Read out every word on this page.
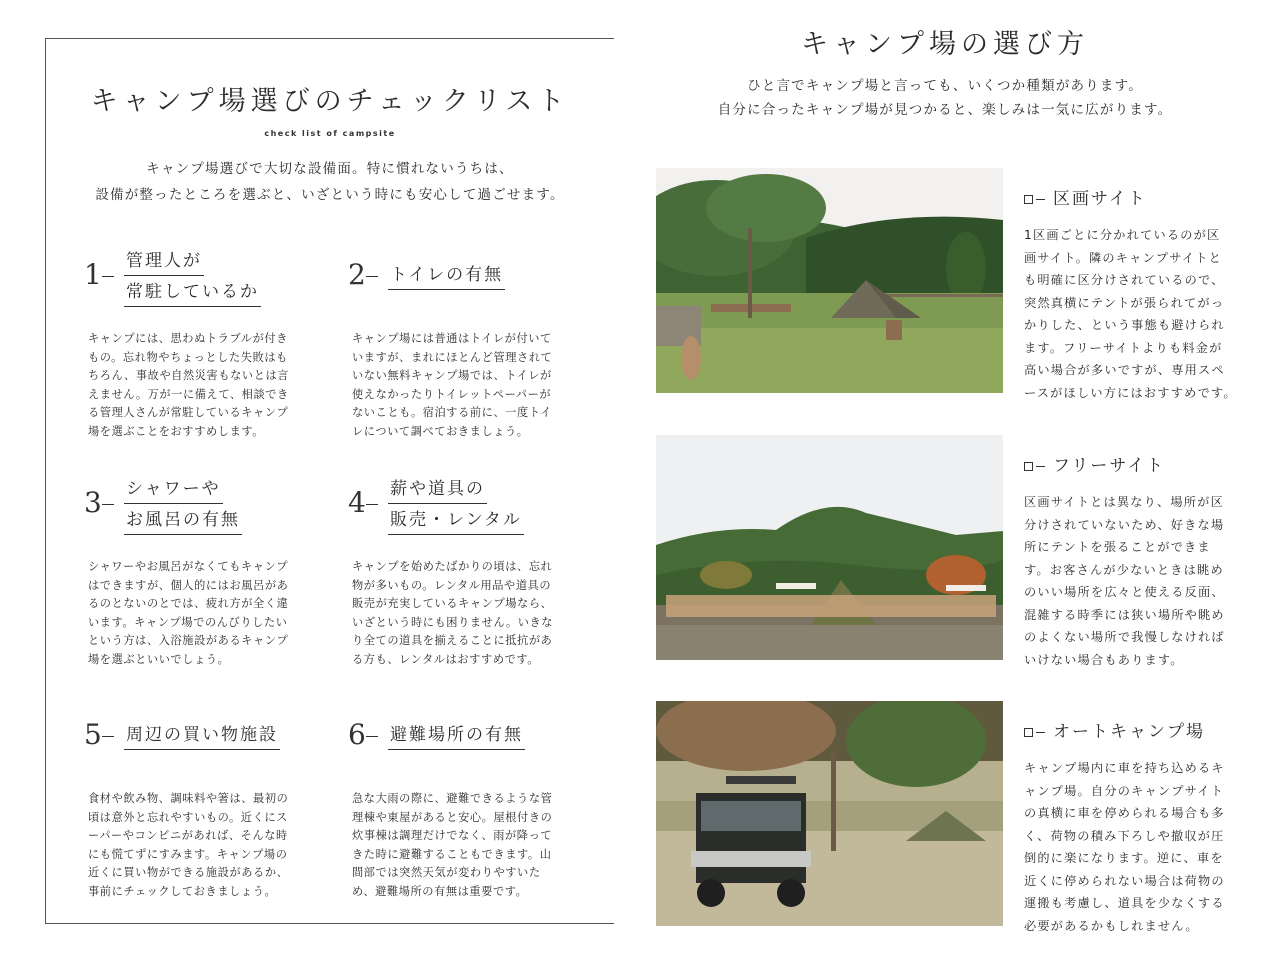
キャンプ場選びのチェックリスト
check list of campsite
キャンプ場選びで大切な設備面。特に慣れないうちは、
設備が整ったところを選ぶと、いざという時にも安心して過ごせます。
1 管理人が
常駐しているか
キャンプには、思わぬトラブルが付き
もの。忘れ物やちょっとした失敗はも
ちろん、事故や自然災害もないとは言
えません。万が一に備えて、相談でき
る管理人さんが常駐しているキャンプ
場を選ぶことをおすすめします。
2 トイレの有無
キャンプ場には普通はトイレが付いて
いますが、まれにほとんど管理されて
いない無料キャンプ場では、トイレが
使えなかったりトイレットペーパーが
ないことも。宿泊する前に、一度トイ
レについて調べておきましょう。
3 シャワーや
お風呂の有無
シャワーやお風呂がなくてもキャンプ
はできますが、個人的にはお風呂があ
るのとないのとでは、疲れ方が全く違
います。キャンプ場でのんびりしたい
という方は、入浴施設があるキャンプ
場を選ぶといいでしょう。
4 薪や道具の
販売・レンタル
キャンプを始めたばかりの頃は、忘れ
物が多いもの。レンタル用品や道具の
販売が充実しているキャンプ場なら、
いざという時にも困りません。いきな
り全ての道具を揃えることに抵抗があ
る方も、レンタルはおすすめです。
5 周辺の買い物施設
食材や飲み物、調味料や箸は、最初の
頃は意外と忘れやすいもの。近くにス
ーパーやコンビニがあれば、そんな時
にも慌てずにすみます。キャンプ場の
近くに買い物ができる施設があるか、
事前にチェックしておきましょう。
6 避難場所の有無
急な大雨の際に、避難できるような管
理棟や東屋があると安心。屋根付きの
炊事棟は調理だけでなく、雨が降って
きた時に避難することもできます。山
間部では突然天気が変わりやすいた
め、避難場所の有無は重要です。
キャンプ場の選び方
ひと言でキャンプ場と言っても、いくつか種類があります。
自分に合ったキャンプ場が見つかると、楽しみは一気に広がります。
区画サイト
1区画ごとに分かれているのが区
画サイト。隣のキャンプサイトと
も明確に区分けされているので、
突然真横にテントが張られてがっ
かりした、という事態も避けられ
ます。フリーサイトよりも料金が
高い場合が多いですが、専用スペ
ースがほしい方にはおすすめです。
フリーサイト
区画サイトとは異なり、場所が区
分けされていないため、好きな場
所にテントを張ることができま
す。お客さんが少ないときは眺め
のいい場所を広々と使える反面、
混雑する時季には狭い場所や眺め
のよくない場所で我慢しなければ
いけない場合もあります。
オートキャンプ場
キャンプ場内に車を持ち込めるキ
ャンプ場。自分のキャンプサイト
の真横に車を停められる場合も多
く、荷物の積み下ろしや撤収が圧
倒的に楽になります。逆に、車を
近くに停められない場合は荷物の
運搬も考慮し、道具を少なくする
必要があるかもしれません。
